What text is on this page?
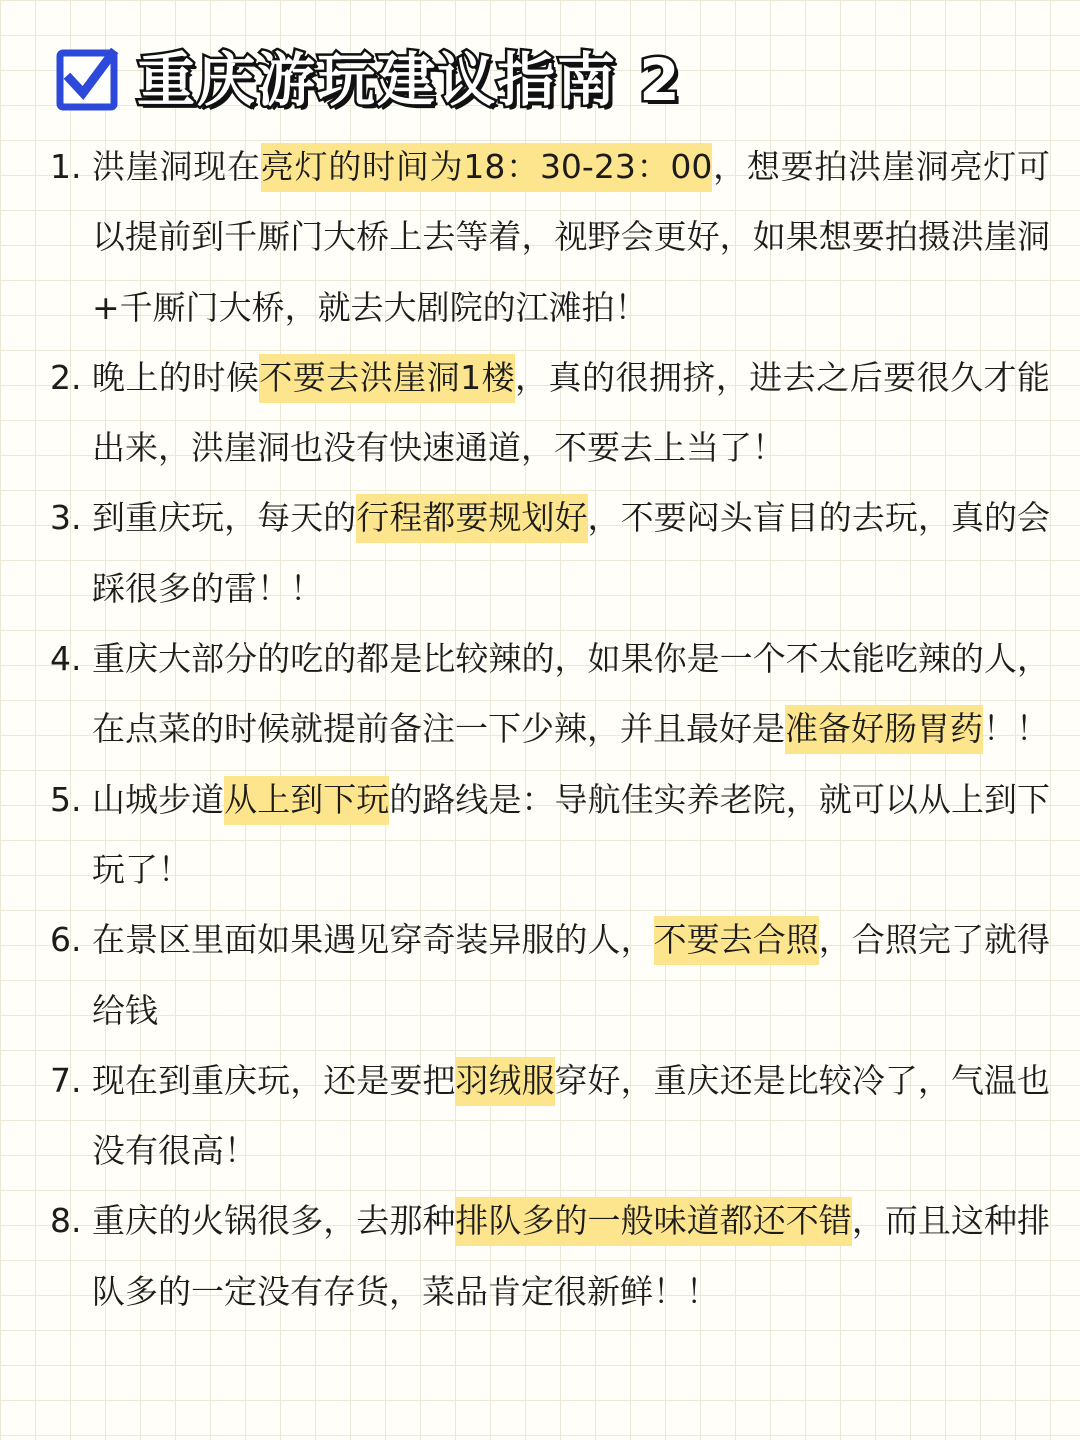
重庆游玩建议指南 2
1. 洪崖洞现在亮灯的时间为18：30-23：00，想要拍洪崖洞亮灯可以提前到千厮门大桥上去等着，视野会更好，如果想要拍摄洪崖洞+千厮门大桥，就去大剧院的江滩拍！
2. 晚上的时候不要去洪崖洞1楼，真的很拥挤，进去之后要很久才能出来，洪崖洞也没有快速通道，不要去上当了！
3. 到重庆玩，每天的行程都要规划好，不要闷头盲目的去玩，真的会踩很多的雷！！
4. 重庆大部分的吃的都是比较辣的，如果你是一个不太能吃辣的人，在点菜的时候就提前备注一下少辣，并且最好是准备好肠胃药！！
5. 山城步道从上到下玩的路线是：导航佳实养老院，就可以从上到下玩了！
6. 在景区里面如果遇见穿奇装异服的人，不要去合照，合照完了就得给钱
7. 现在到重庆玩，还是要把羽绒服穿好，重庆还是比较冷了，气温也没有很高！
8. 重庆的火锅很多，去那种排队多的一般味道都还不错，而且这种排队多的一定没有存货，菜品肯定很新鲜！！
